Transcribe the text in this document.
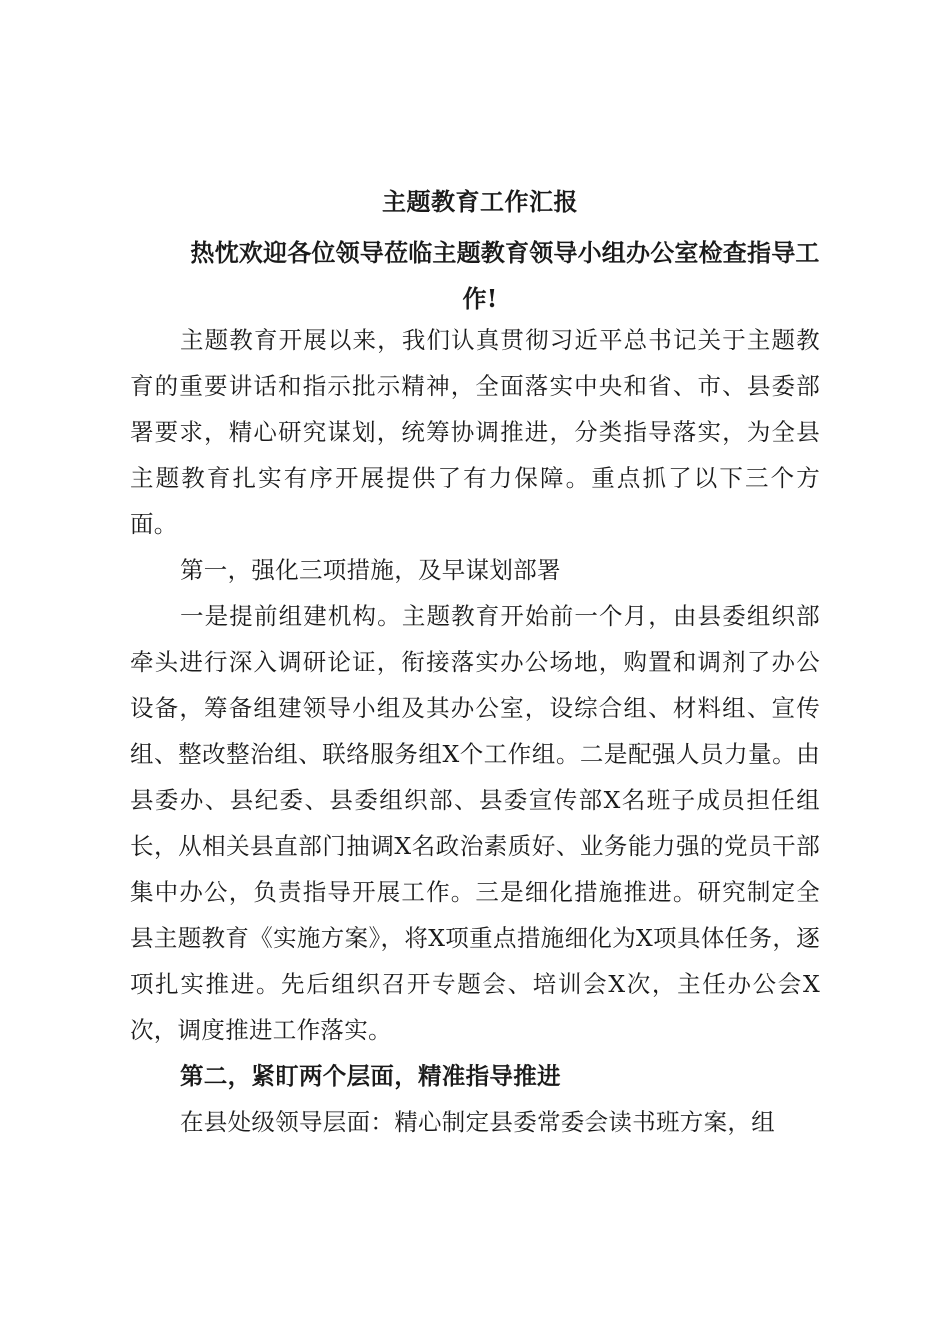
主题教育工作汇报
热忱欢迎各位领导莅临主题教育领导小组办公室检查指导工作!

主题教育开展以来，我们认真贯彻习近平总书记关于主题教育的重要讲话和指示批示精神，全面落实中央和省、市、县委部署要求，精心研究谋划，统筹协调推进，分类指导落实，为全县主题教育扎实有序开展提供了有力保障。重点抓了以下三个方面。

第一，强化三项措施，及早谋划部署

一是提前组建机构。主题教育开始前一个月，由县委组织部牵头进行深入调研论证，衔接落实办公场地，购置和调剂了办公设备，筹备组建领导小组及其办公室，设综合组、材料组、宣传组、整改整治组、联络服务组X个工作组。二是配强人员力量。由县委办、县纪委、县委组织部、县委宣传部X名班子成员担任组长，从相关县直部门抽调X名政治素质好、业务能力强的党员干部集中办公，负责指导开展工作。三是细化措施推进。研究制定全县主题教育《实施方案》，将X项重点措施细化为X项具体任务，逐项扎实推进。先后组织召开专题会、培训会X次，主任办公会X次，调度推进工作落实。

第二，紧盯两个层面，精准指导推进

在县处级领导层面：精心制定县委常委会读书班方案，组
